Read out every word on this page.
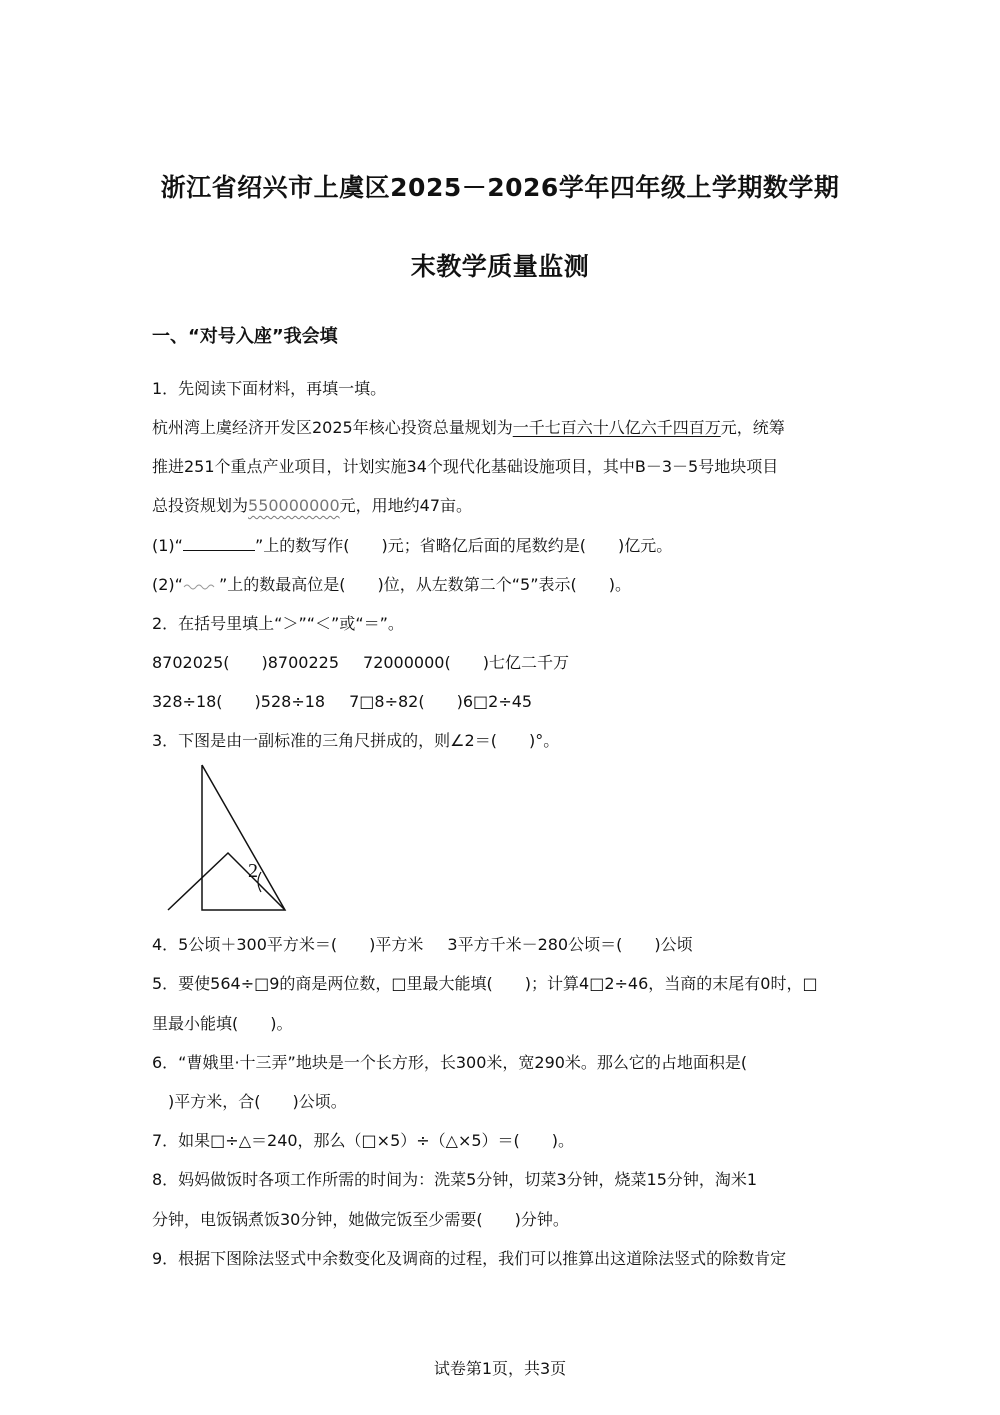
浙江省绍兴市上虞区2025－2026学年四年级上学期数学期
末教学质量监测
一、“对号入座”我会填
1．先阅读下面材料，再填一填。
杭州湾上虞经济开发区2025年核心投资总量规划为一千七百六十八亿六千四百万元，统筹
推进251个重点产业项目，计划实施34个现代化基础设施项目，其中B－3－5号地块项目
总投资规划为550000000元，用地约47亩。
(1)“	”上的数写作(　　)元；省略亿后面的尾数约是(　　)亿元。
(2)“ ”上的数最高位是(　　)位，从左数第二个“5”表示(　　)。
2．在括号里填上“＞”“＜”或“＝”。
8702025(　　)8700225 72000000(　　)七亿二千万
328÷18(　　)528÷18 7□8÷82(　　)6□2÷45
3．下图是由一副标准的三角尺拼成的，则∠2＝(　　)°。
2
4．5公顷＋300平方米＝(　　)平方米 3平方千米－280公顷＝(　　)公顷
5．要使564÷□9的商是两位数，□里最大能填(　　)；计算4□2÷46，当商的末尾有0时，□
里最小能填(　　)。
6．“曹娥里·十三弄”地块是一个长方形，长300米，宽290米。那么它的占地面积是(
　)平方米，合(　　)公顷。
7．如果□÷△＝240，那么（□×5）÷（△×5）＝(　　)。
8．妈妈做饭时各项工作所需的时间为：洗菜5分钟，切菜3分钟，烧菜15分钟，淘米1
分钟，电饭锅煮饭30分钟，她做完饭至少需要(　　)分钟。
9．根据下图除法竖式中余数变化及调商的过程，我们可以推算出这道除法竖式的除数肯定
试卷第1页，共3页
